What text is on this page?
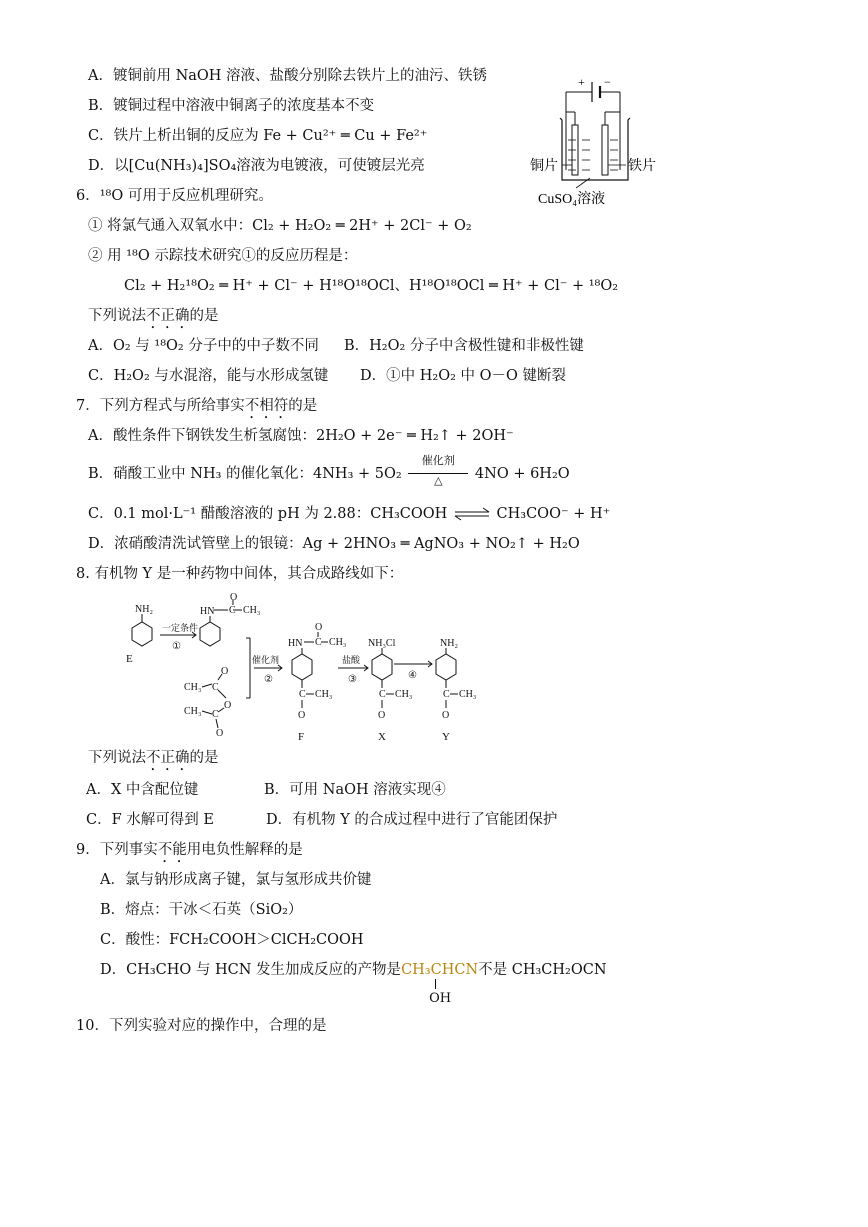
A．镀铜前用 NaOH 溶液、盐酸分别除去铁片上的油污、铁锈
B．镀铜过程中溶液中铜离子的浓度基本不变
C．铁片上析出铜的反应为 Fe + Cu²⁺ ═ Cu + Fe²⁺
D．以[Cu(NH₃)₄]SO₄溶液为电镀液，可使镀层光亮
+ −
铜片	铁片
CuSO₄溶液
6．¹⁸O 可用于反应机理研究。
① 将氯气通入双氧水中：Cl₂ + H₂O₂ ═ 2H⁺ + 2Cl⁻ + O₂
② 用 ¹⁸O 示踪技术研究①的反应历程是：
Cl₂ + H₂¹⁸O₂ ═ H⁺ + Cl⁻ + H¹⁸O¹⁸OCl、H¹⁸O¹⁸OCl ═ H⁺ + Cl⁻ + ¹⁸O₂
下列说法不正确的是
A．O₂ 与 ¹⁸O₂ 分子中的中子数不同 B．H₂O₂ 分子中含极性键和非极性键
C．H₂O₂ 与水混溶，能与水形成氢键 D．①中 H₂O₂ 中 O－O 键断裂
7．下列方程式与所给事实不相符的是
A．酸性条件下钢铁发生析氢腐蚀：2H₂O + 2e⁻ ═ H₂↑ + 2OH⁻
B．硝酸工业中 NH₃ 的催化氧化：4NH₃ + 5O₂
催化剂
△	4NO + 6H₂O
C．0.1 mol·L⁻¹ 醋酸溶液的 pH 为 2.88：CH₃COOH ⇌ CH₃COO⁻ + H⁺
D．浓硝酸清洗试管壁上的银镜：Ag + 2HNO₃ ═ AgNO₃ + NO₂↑ + H₂O
8. 有机物 Y 是一种药物中间体，其合成路线如下：
NH₂
E
一定条件
①
HN C CH₃
O
CH₃ C
O
O
CH₃ C
O
催化剂
②
HN C CH₃
O
C CH₃
O
F
盐酸
③
NH₃Cl
C CH₃
O
X
④
NH₂
C CH₃
O
Y
下列说法不正确的是
A．X 中含配位键	B．可用 NaOH 溶液实现④
C．F 水解可得到 E	D．有机物 Y 的合成过程中进行了官能团保护
9．下列事实不能用电负性解释的是
A．氯与钠形成离子键，氯与氢形成共价键
B．熔点：干冰＜石英（SiO₂）
C．酸性：FCH₂COOH＞ClCH₂COOH
D．CH₃CHO 与 HCN 发生加成反应的产物是CH₃CHCN
OH
不是 CH₃CH₂OCN
10．下列实验对应的操作中，合理的是
